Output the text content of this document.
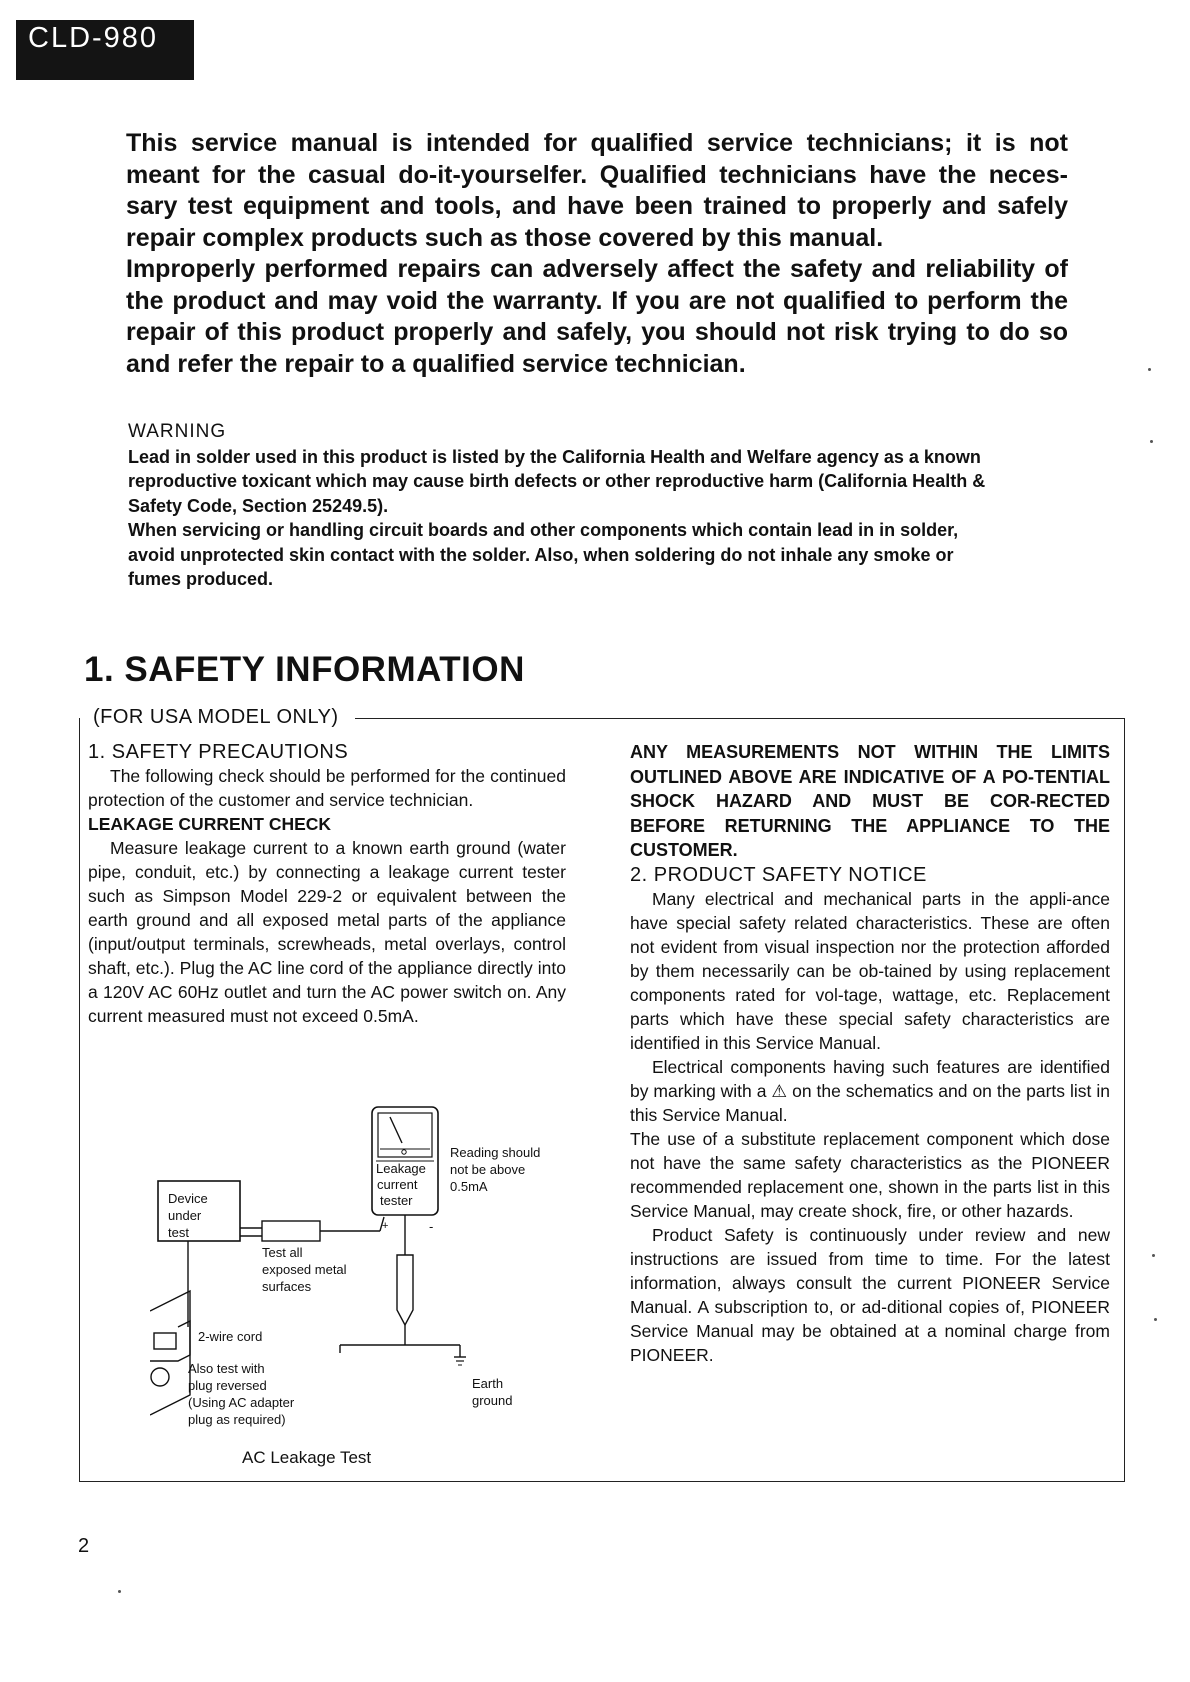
CLD-980

This service manual is intended for qualified service technicians; it is not meant for the casual do-it-yourselfer. Qualified technicians have the neces-sary test equipment and tools, and have been trained to properly and safely repair complex products such as those covered by this manual.

Improperly performed repairs can adversely affect the safety and reliability of the product and may void the warranty. If you are not qualified to perform the repair of this product properly and safely, you should not risk trying to do so and refer the repair to a qualified service technician.

WARNING

Lead in solder used in this product is listed by the California Health and Welfare agency as a known reproductive toxicant which may cause birth defects or other reproductive harm (California Health & Safety Code, Section 25249.5).

When servicing or handling circuit boards and other components which contain lead in in solder, avoid unprotected skin contact with the solder. Also, when soldering do not inhale any smoke or fumes produced.

1. SAFETY INFORMATION
(FOR USA MODEL ONLY)

1. SAFETY PRECAUTIONS

The following check should be performed for the continued protection of the customer and service technician.

LEAKAGE CURRENT CHECK

Measure leakage current to a known earth ground (water pipe, conduit, etc.) by connecting a leakage current tester such as Simpson Model 229-2 or equivalent between the earth ground and all exposed metal parts of the appliance (input/output terminals, screwheads, metal overlays, control shaft, etc.). Plug the AC line cord of the appliance directly into a 120V AC 60Hz outlet and turn the AC power switch on. Any current measured must not exceed 0.5mA.

Leakage
current
tester
-
+
Reading should
not be above
0.5mA
Device
under
test
Test all
exposed metal
surfaces
Earth
ground
2-wire cord
Also test with
plug reversed
(Using AC adapter
plug as required)
AC Leakage Test

ANY MEASUREMENTS NOT WITHIN THE LIMITS OUTLINED ABOVE ARE INDICATIVE OF A PO-TENTIAL SHOCK HAZARD AND MUST BE COR-RECTED BEFORE RETURNING THE APPLIANCE TO THE CUSTOMER.

2. PRODUCT SAFETY NOTICE

Many electrical and mechanical parts in the appli-ance have special safety related characteristics. These are often not evident from visual inspection nor the protection afforded by them necessarily can be ob-tained by using replacement components rated for vol-tage, wattage, etc. Replacement parts which have these special safety characteristics are identified in this Service Manual.

Electrical components having such features are identified by marking with a ⚠ on the schematics and on the parts list in this Service Manual.

The use of a substitute replacement component which dose not have the same safety characteristics as the PIONEER recommended replacement one, shown in the parts list in this Service Manual, may create shock, fire, or other hazards.

Product Safety is continuously under review and new instructions are issued from time to time. For the latest information, always consult the current PIONEER Service Manual. A subscription to, or ad-ditional copies of, PIONEER Service Manual may be obtained at a nominal charge from PIONEER.

2
